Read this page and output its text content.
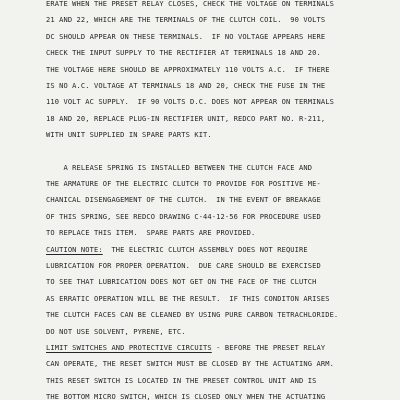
ERATE WHEN THE PRESET RELAY CLOSES, CHECK THE VOLTAGE ON TERMINALS
21 AND 22, WHICH ARE THE TERMINALS OF THE CLUTCH COIL.  90 VOLTS
DC SHOULD APPEAR ON THESE TERMINALS.  IF NO VOLTAGE APPEARS HERE
CHECK THE INPUT SUPPLY TO THE RECTIFIER AT TERMINALS 18 AND 20.
THE VOLTAGE HERE SHOULD BE APPROXIMATELY 110 VOLTS A.C.  IF THERE
IS NO A.C. VOLTAGE AT TERMINALS 18 AND 20, CHECK THE FUSE IN THE
110 VOLT AC SUPPLY.  IF 90 VOLTS D.C. DOES NOT APPEAR ON TERMINALS
18 AND 20, REPLACE PLUG-IN RECTIFIER UNIT, REDCO PART NO. R-211,
WITH UNIT SUPPLIED IN SPARE PARTS KIT.
A RELEASE SPRING IS INSTALLED BETWEEN THE CLUTCH FACE AND
THE ARMATURE OF THE ELECTRIC CLUTCH TO PROVIDE FOR POSITIVE ME-
CHANICAL DISENGAGEMENT OF THE CLUTCH.  IN THE EVENT OF BREAKAGE
OF THIS SPRING, SEE REDCO DRAWING C-44-12-56 FOR PROCEDURE USED
TO REPLACE THIS ITEM.  SPARE PARTS ARE PROVIDED.
CAUTION NOTE:  THE ELECTRIC CLUTCH ASSEMBLY DOES NOT REQUIRE
LUBRICATION FOR PROPER OPERATION.  DUE CARE SHOULD BE EXERCISED
TO SEE THAT LUBRICATION DOES NOT GET ON THE FACE OF THE CLUTCH
AS ERRATIC OPERATION WILL BE THE RESULT.  IF THIS CONDITON ARISES
THE CLUTCH FACES CAN BE CLEANED BY USING PURE CARBON TETRACHLORIDE.
DO NOT USE SOLVENT, PYRENE, ETC.
LIMIT SWITCHES AND PROTECTIVE CIRCUITS - BEFORE THE PRESET RELAY
CAN OPERATE, THE RESET SWITCH MUST BE CLOSED BY THE ACTUATING ARM.
THIS RESET SWITCH IS LOCATED IN THE PRESET CONTROL UNIT AND IS
THE BOTTOM MICRO SWITCH, WHICH IS CLOSED ONLY WHEN THE ACTUATING
